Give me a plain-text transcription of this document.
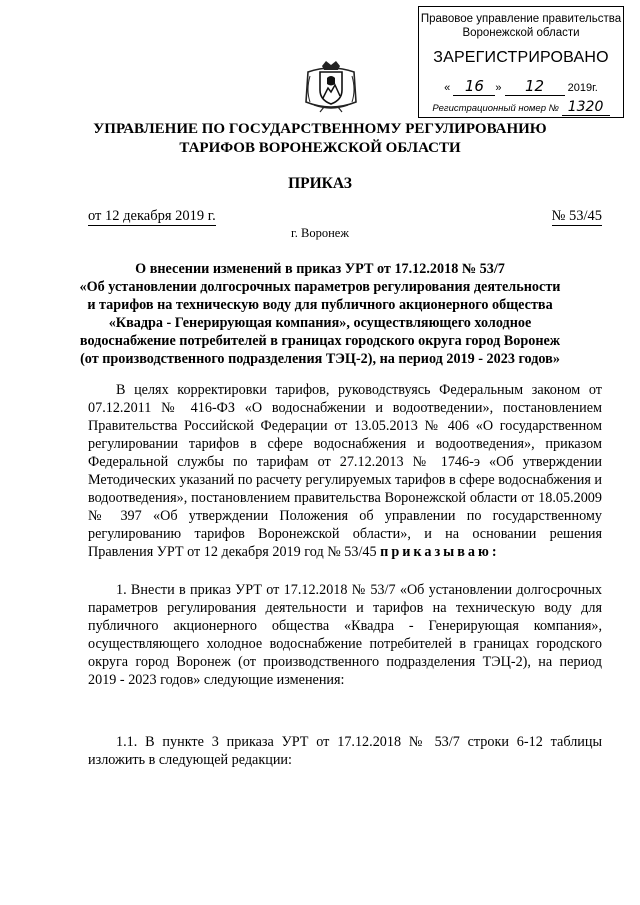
Правовое управление правительства
Воронежской области
ЗАРЕГИСТРИРОВАНО
« 16 » 12 2019г.
Регистрационный номер № 1320
УПРАВЛЕНИЕ ПО ГОСУДАРСТВЕННОМУ РЕГУЛИРОВАНИЮ
ТАРИФОВ ВОРОНЕЖСКОЙ ОБЛАСТИ
ПРИКАЗ
от 12 декабря 2019 г.	№ 53/45
г. Воронеж
О внесении изменений в приказ УРТ от 17.12.2018 № 53/7
«Об установлении долгосрочных параметров регулирования деятельности
и тарифов на техническую воду для публичного акционерного общества
«Квадра - Генерирующая компания», осуществляющего холодное
водоснабжение потребителей в границах городского округа город Воронеж
(от производственного подразделения ТЭЦ-2), на период 2019 - 2023 годов»
В целях корректировки тарифов, руководствуясь Федеральным законом от 07.12.2011 № 416-ФЗ «О водоснабжении и водоотведении», постановлением Правительства Российской Федерации от 13.05.2013 № 406 «О государственном регулировании тарифов в сфере водоснабжения и водоотведения», приказом Федеральной службы по тарифам от 27.12.2013 № 1746-э «Об утверждении Методических указаний по расчету регулируемых тарифов в сфере водоснабжения и водоотведения», постановлением правительства Воронежской области от 18.05.2009 № 397 «Об утверждении Положения об управлении по государственному регулированию тарифов Воронежской области», и на основании решения Правления УРТ от 12 декабря 2019 год № 53/45 приказываю:
1. Внести в приказ УРТ от 17.12.2018 № 53/7 «Об установлении долгосрочных параметров регулирования деятельности и тарифов на техническую воду для публичного акционерного общества «Квадра - Генерирующая компания», осуществляющего холодное водоснабжение потребителей в границах городского округа город Воронеж (от производственного подразделения ТЭЦ-2), на период 2019 - 2023 годов» следующие изменения:
1.1. В пункте 3 приказа УРТ от 17.12.2018 № 53/7 строки 6-12 таблицы изложить в следующей редакции:
